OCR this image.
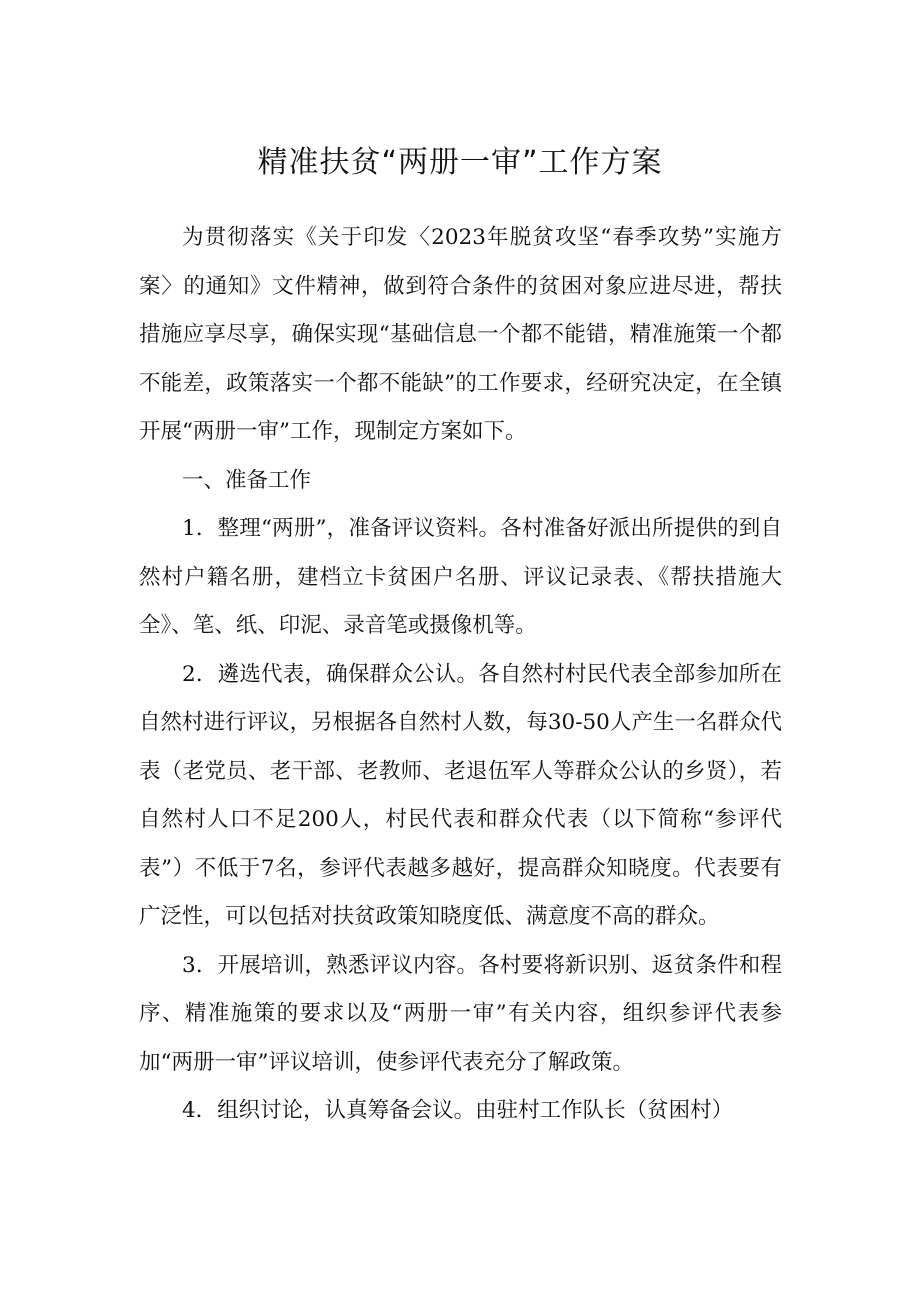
精准扶贫“两册一审”工作方案

为贯彻落实《关于印发〈2023年脱贫攻坚“春季攻势”实施方案〉的通知》文件精神，做到符合条件的贫困对象应进尽进，帮扶措施应享尽享，确保实现“基础信息一个都不能错，精准施策一个都不能差，政策落实一个都不能缺”的工作要求，经研究决定，在全镇开展“两册一审”工作，现制定方案如下。

一、准备工作

1．整理“两册”，准备评议资料。各村准备好派出所提供的到自然村户籍名册，建档立卡贫困户名册、评议记录表、《帮扶措施大全》、笔、纸、印泥、录音笔或摄像机等。

2．遴选代表，确保群众公认。各自然村村民代表全部参加所在自然村进行评议，另根据各自然村人数，每30-50人产生一名群众代表（老党员、老干部、老教师、老退伍军人等群众公认的乡贤），若自然村人口不足200人，村民代表和群众代表（以下简称“参评代表”）不低于7名，参评代表越多越好，提高群众知晓度。代表要有广泛性，可以包括对扶贫政策知晓度低、满意度不高的群众。

3．开展培训，熟悉评议内容。各村要将新识别、返贫条件和程序、精准施策的要求以及“两册一审”有关内容，组织参评代表参加“两册一审”评议培训，使参评代表充分了解政策。

4．组织讨论，认真筹备会议。由驻村工作队长（贫困村）
